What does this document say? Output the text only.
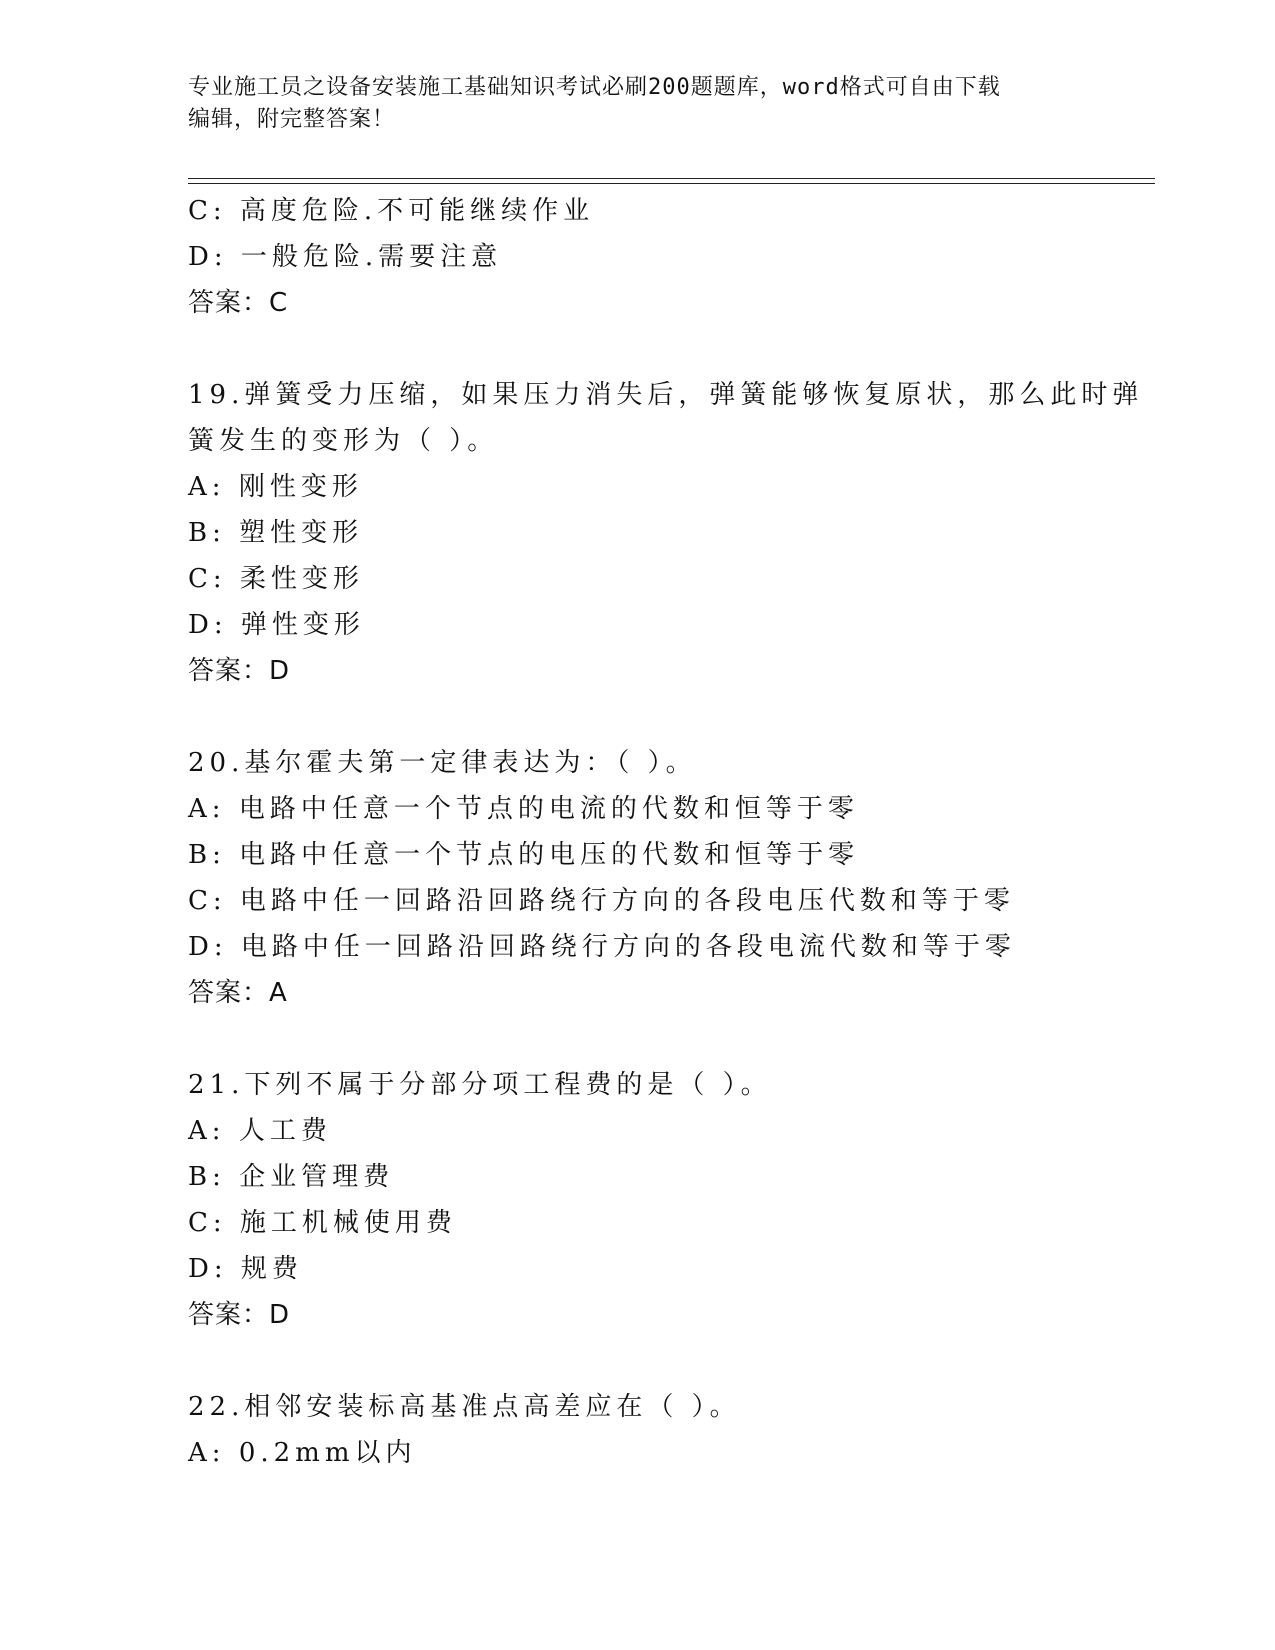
专业施工员之设备安装施工基础知识考试必刷200题题库，word格式可自由下载
编辑，附完整答案！
C: 高度危险.不可能继续作业
D: 一般危险.需要注意
答案：C
19.弹簧受力压缩，如果压力消失后，弹簧能够恢复原状，那么此时弹
簧发生的变形为（ ）。
A: 刚性变形
B: 塑性变形
C: 柔性变形
D: 弹性变形
答案：D
20.基尔霍夫第一定律表达为：（ ）。
A: 电路中任意一个节点的电流的代数和恒等于零
B: 电路中任意一个节点的电压的代数和恒等于零
C: 电路中任一回路沿回路绕行方向的各段电压代数和等于零
D: 电路中任一回路沿回路绕行方向的各段电流代数和等于零
答案：A
21.下列不属于分部分项工程费的是（ ）。
A: 人工费
B: 企业管理费
C: 施工机械使用费
D: 规费
答案：D
22.相邻安装标高基准点高差应在（ ）。
A: 0.2mm以内
